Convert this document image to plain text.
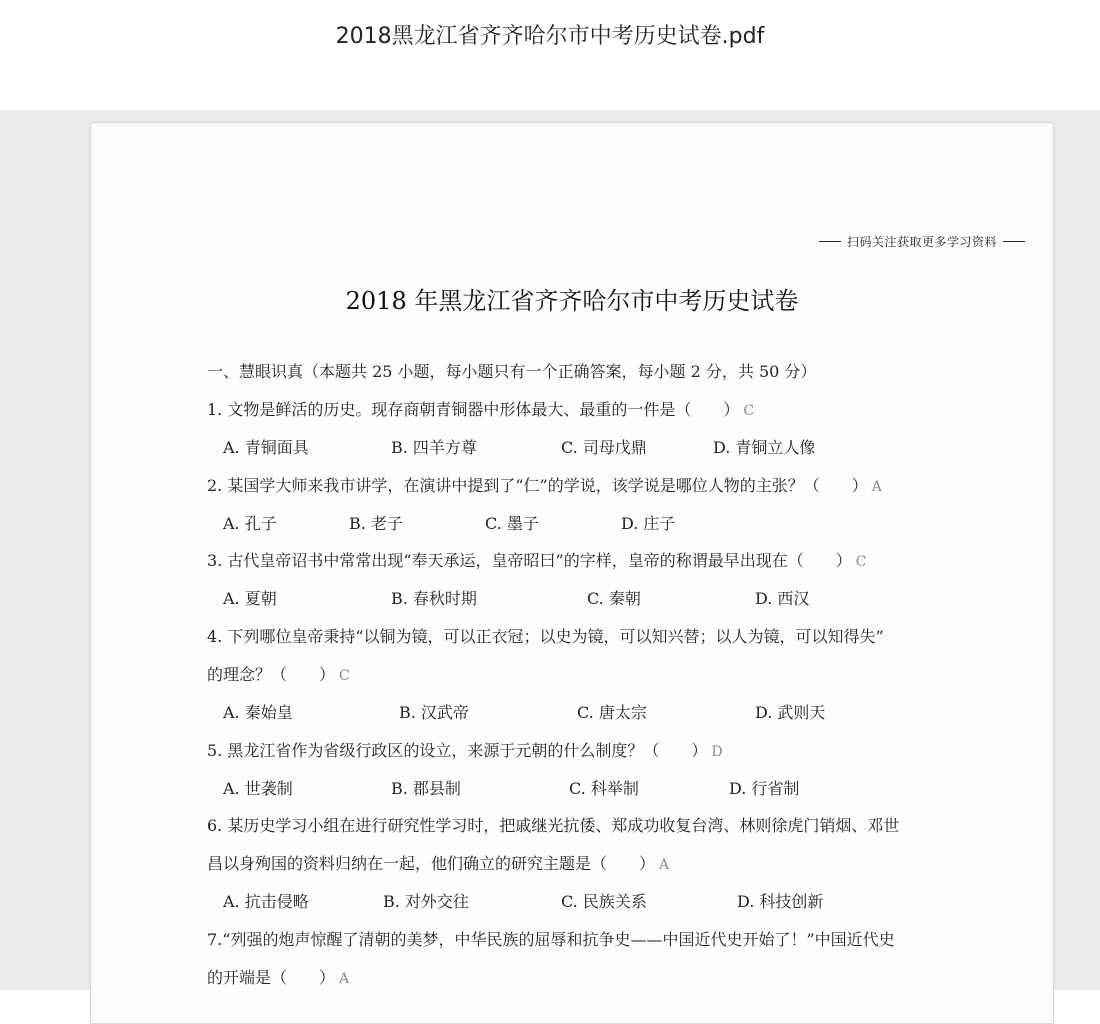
2018黑龙江省齐齐哈尔市中考历史试卷.pdf
扫码关注获取更多学习资料
2018 年黑龙江省齐齐哈尔市中考历史试卷
一、慧眼识真（本题共 25 小题，每小题只有一个正确答案，每小题 2 分，共 50 分）
1. 文物是鲜活的历史。现存商朝青铜器中形体最大、最重的一件是（　　） C
A. 青铜面具	B. 四羊方尊	C. 司母戊鼎	D. 青铜立人像
2. 某国学大师来我市讲学，在演讲中提到了“仁”的学说，该学说是哪位人物的主张？（　　） A
A. 孔子	B. 老子	C. 墨子	D. 庄子
3. 古代皇帝诏书中常常出现“奉天承运，皇帝昭曰”的字样，皇帝的称谓最早出现在（　　） C
A. 夏朝	B. 春秋时期	C. 秦朝	D. 西汉
4. 下列哪位皇帝秉持“以铜为镜，可以正衣冠；以史为镜，可以知兴替；以人为镜，可以知得失”
的理念？（　　） C
A. 秦始皇	B. 汉武帝	C. 唐太宗	D. 武则天
5. 黑龙江省作为省级行政区的设立，来源于元朝的什么制度？（　　） D
A. 世袭制	B. 郡县制	C. 科举制	D. 行省制
6. 某历史学习小组在进行研究性学习时，把戚继光抗倭、郑成功收复台湾、林则徐虎门销烟、邓世
昌以身殉国的资料归纳在一起，他们确立的研究主题是（　　） A
A. 抗击侵略	B. 对外交往	C. 民族关系	D. 科技创新
7.“列强的炮声惊醒了清朝的美梦，中华民族的屈辱和抗争史——中国近代史开始了！”中国近代史
的开端是（　　） A
